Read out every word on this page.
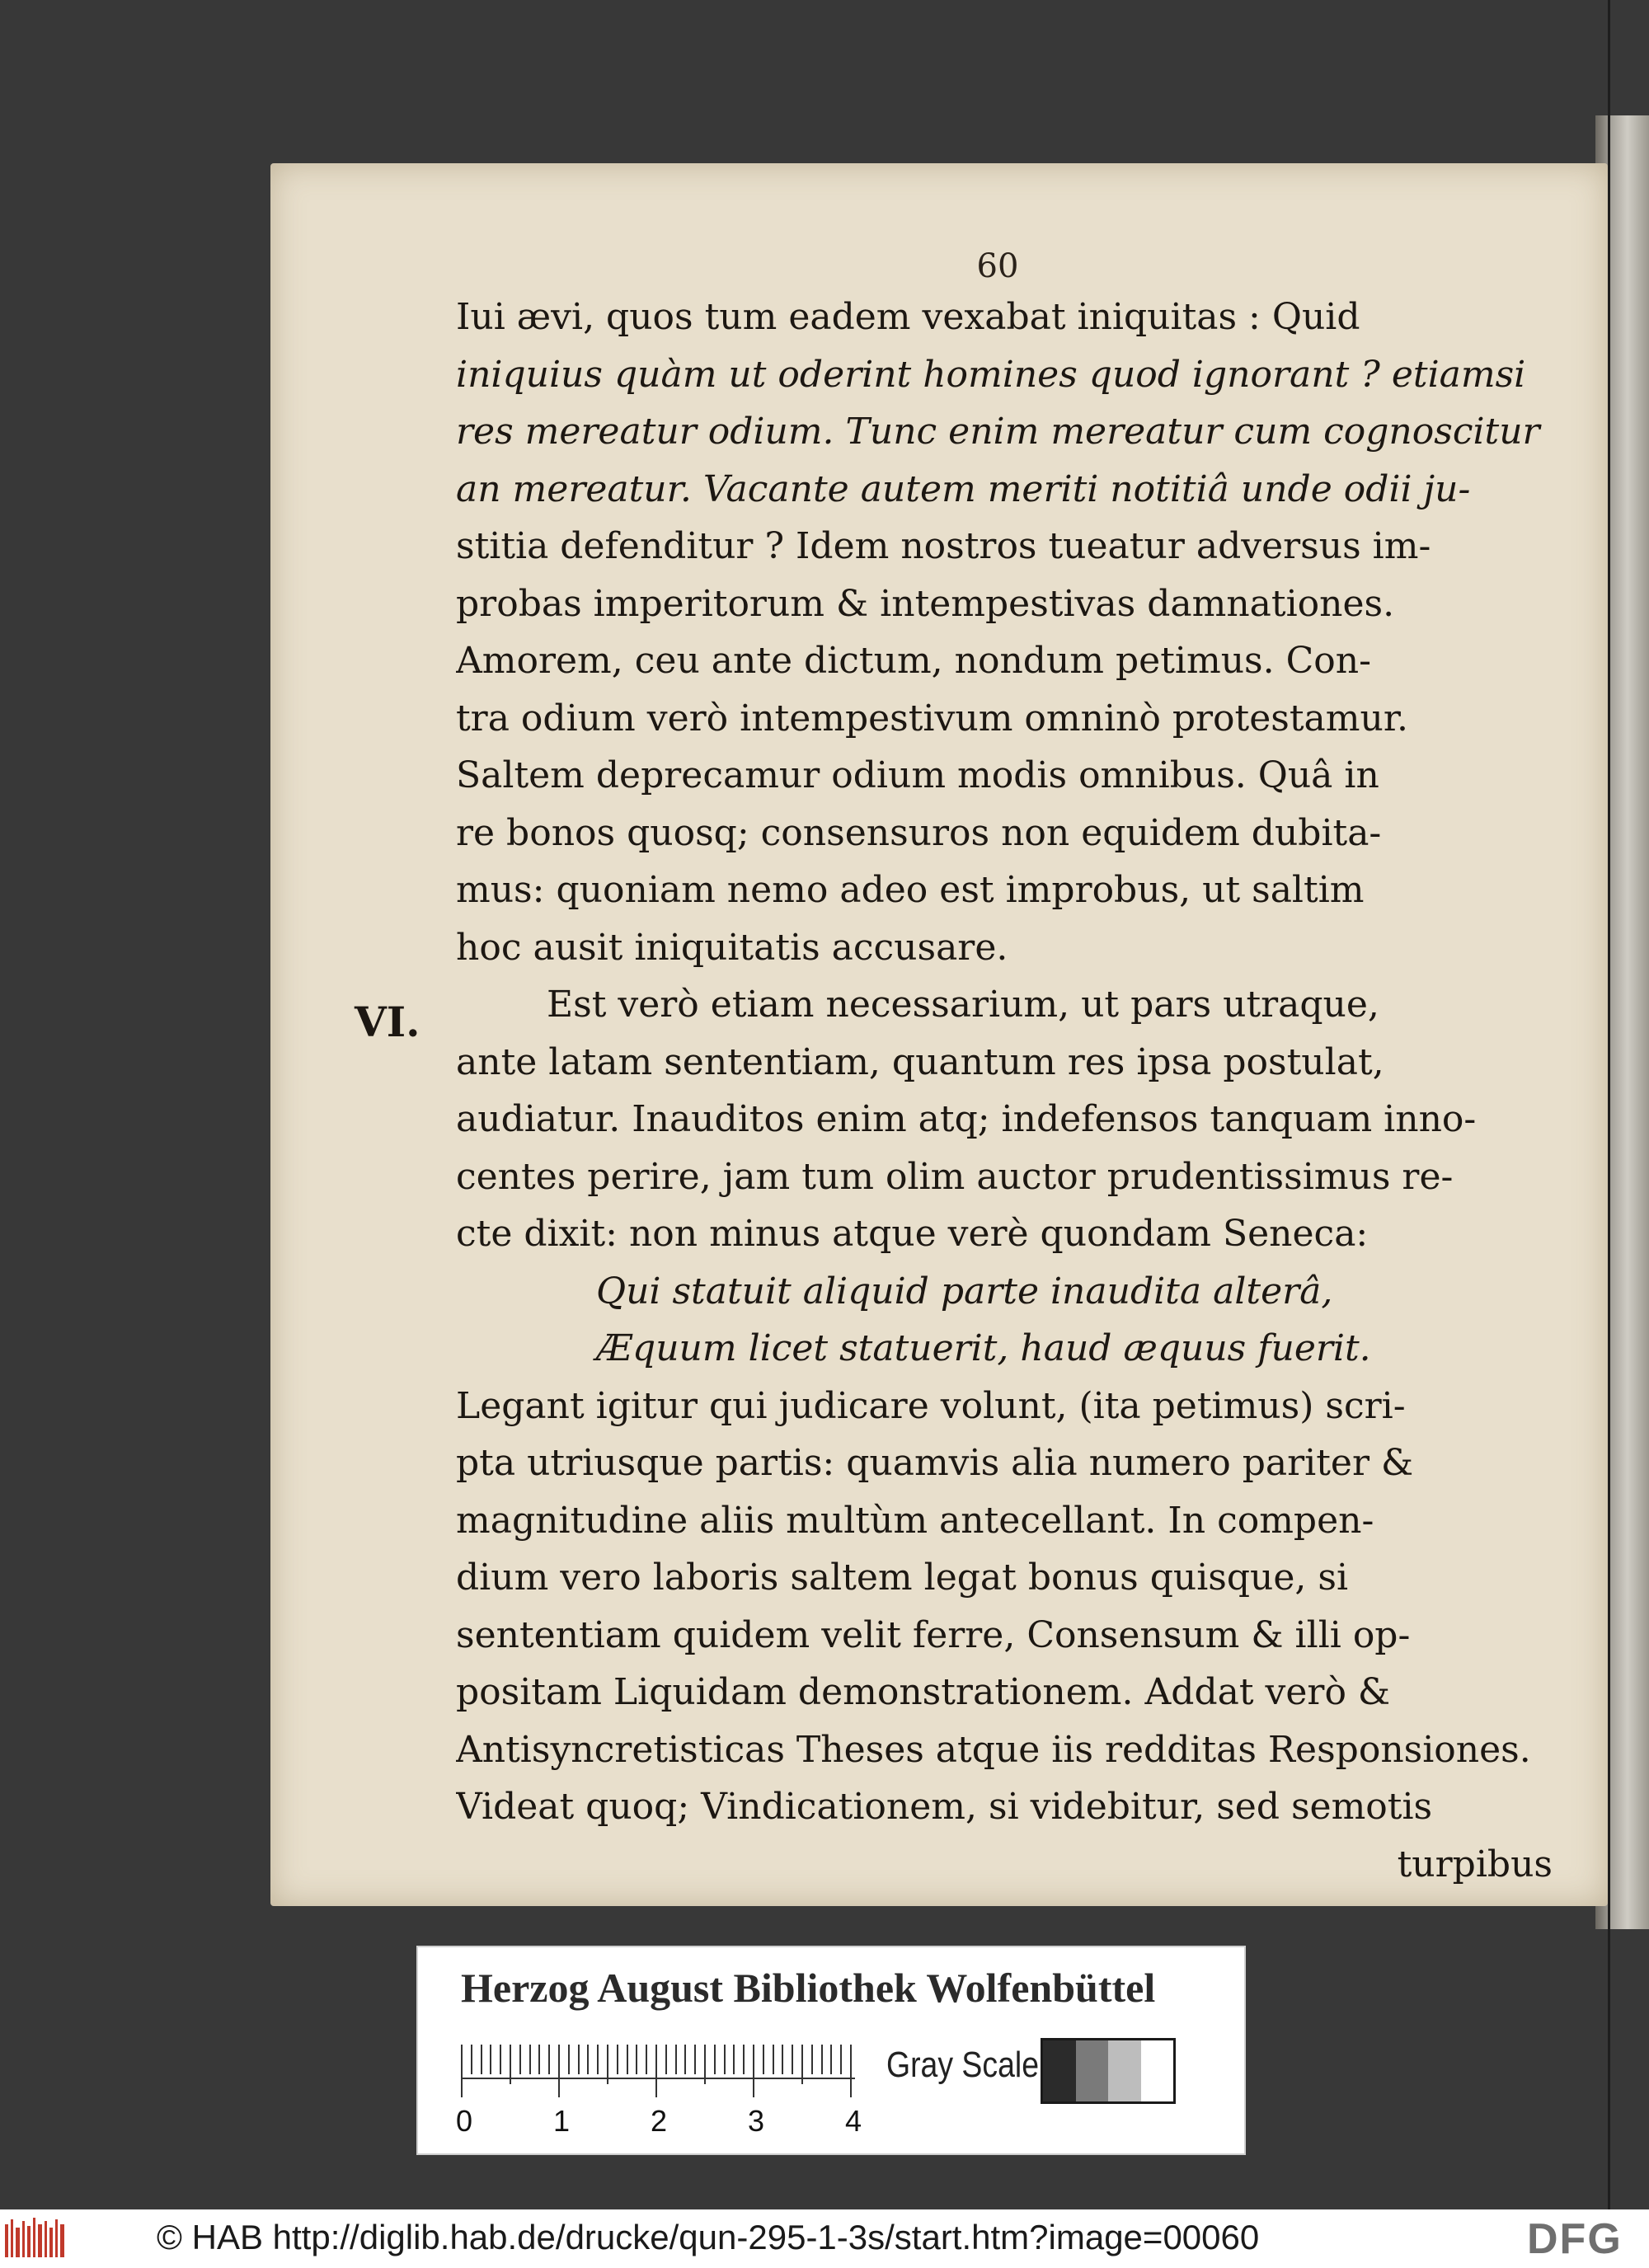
60
VI.
Iui ævi, quos tum eadem vexabat iniquitas : Quid
iniquius quàm ut oderint homines quod ignorant ? etiamsi
res mereatur odium. Tunc enim mereatur cum cognoscitur
an mereatur. Vacante autem meriti notitiâ unde odii ju-
stitia defenditur ? Idem nostros tueatur adversus im-
probas imperitorum & intempestivas damnationes.
Amorem, ceu ante dictum, nondum petimus. Con-
tra odium verò intempestivum omninò protestamur.
Saltem deprecamur odium modis omnibus. Quâ in
re bonos quosq; consensuros non equidem dubita-
mus: quoniam nemo adeo est improbus, ut saltim
hoc ausit iniquitatis accusare.
Est verò etiam necessarium, ut pars utraque,
ante latam sententiam, quantum res ipsa postulat,
audiatur. Inauditos enim atq; indefensos tanquam inno-
centes perire, jam tum olim auctor prudentissimus re-
cte dixit: non minus atque verè quondam Seneca:
Qui statuit aliquid parte inaudita alterâ,
Æquum licet statuerit, haud æquus fuerit.
Legant igitur qui judicare volunt, (ita petimus) scri-
pta utriusque partis: quamvis alia numero pariter &
magnitudine aliis multùm antecellant. In compen-
dium vero laboris saltem legat bonus quisque, si
sententiam quidem velit ferre, Consensum & illi op-
positam Liquidam demonstrationem. Addat verò &
Antisyncretisticas Theses atque iis redditas Responsiones.
Videat quoq; Vindicationem, si videbitur, sed semotis
turpibus
Herzog August Bibliothek Wolfenbüttel
0	1	2	3	4
Gray Scale
© HAB http://diglib.hab.de/drucke/qun-295-1-3s/start.htm?image=00060	DFG
